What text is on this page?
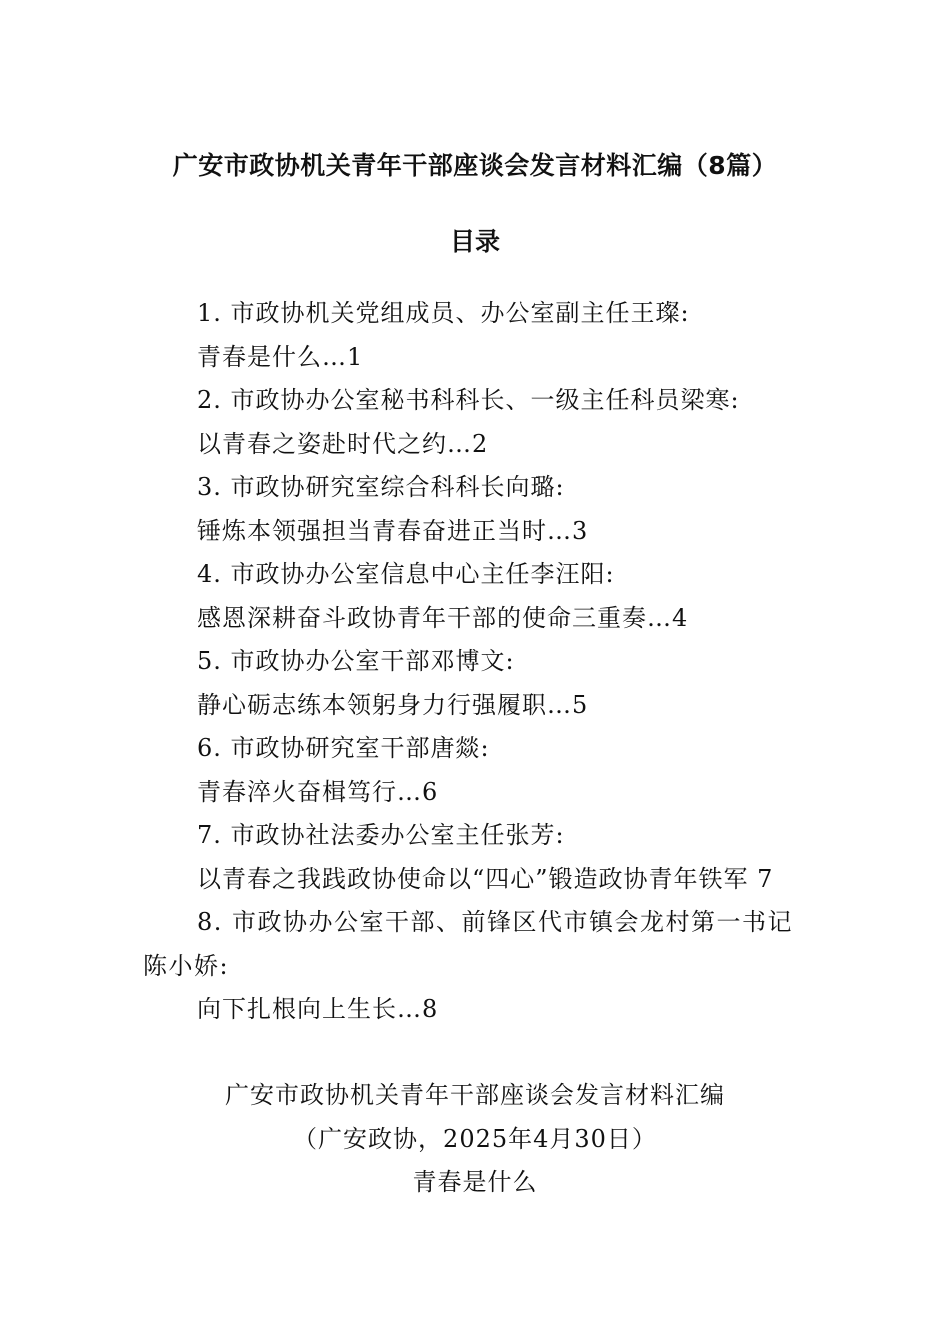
广安市政协机关青年干部座谈会发言材料汇编（8篇）
目录
1. 市政协机关党组成员、办公室副主任王璨:
青春是什么…1
2. 市政协办公室秘书科科长、一级主任科员梁寒:
以青春之姿赴时代之约…2
3. 市政协研究室综合科科长向璐:
锤炼本领强担当青春奋进正当时…3
4. 市政协办公室信息中心主任李汪阳:
感恩深耕奋斗政协青年干部的使命三重奏…4
5. 市政协办公室干部邓博文:
静心砺志练本领躬身力行强履职…5
6. 市政协研究室干部唐燚:
青春淬火奋楫笃行…6
7. 市政协社法委办公室主任张芳:
以青春之我践政协使命以“四心”锻造政协青年铁军 7
8. 市政协办公室干部、前锋区代市镇会龙村第一书记陈小娇:
向下扎根向上生长…8
广安市政协机关青年干部座谈会发言材料汇编
（广安政协，2025年4月30日）
青春是什么
